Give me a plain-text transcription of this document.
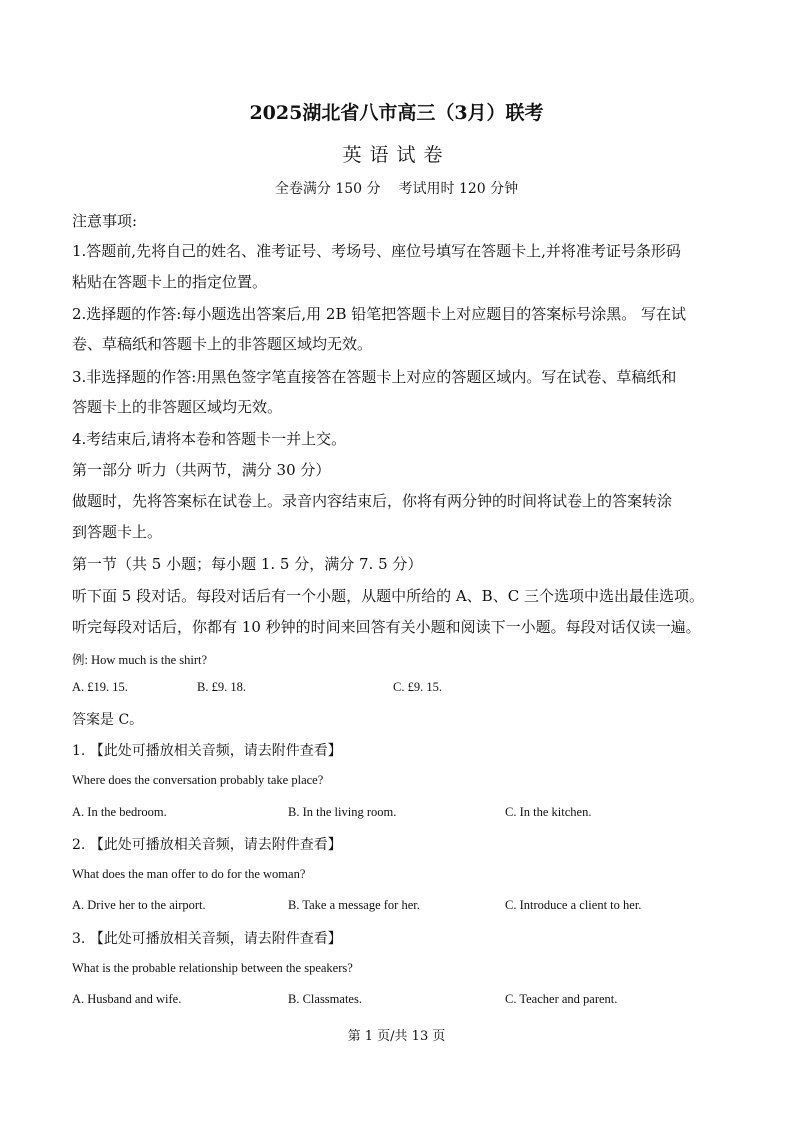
2025湖北省八市高三（3月）联考
英语试卷
全卷满分 150 分 考试用时 120 分钟
注意事项:
1.答题前,先将自己的姓名、准考证号、考场号、座位号填写在答题卡上,并将准考证号条形码
粘贴在答题卡上的指定位置。
2.选择题的作答:每小题选出答案后,用 2B 铅笔把答题卡上对应题目的答案标号涂黑。 写在试
卷、草稿纸和答题卡上的非答题区域均无效。
3.非选择题的作答:用黑色签字笔直接答在答题卡上对应的答题区域内。写在试卷、草稿纸和
答题卡上的非答题区域均无效。
4.考结束后,请将本卷和答题卡一并上交。
第一部分 听力（共两节，满分 30 分）
做题时，先将答案标在试卷上。录音内容结束后，你将有两分钟的时间将试卷上的答案转涂
到答题卡上。
第一节（共 5 小题；每小题 1. 5 分，满分 7. 5 分）
听下面 5 段对话。每段对话后有一个小题，从题中所给的 A、B、C 三个选项中选出最佳选项。
听完每段对话后，你都有 10 秒钟的时间来回答有关小题和阅读下一小题。每段对话仅读一遍。
例: How much is the shirt?
A. £19. 15.	B. £9. 18.	C. £9. 15.
答案是 C。
1. 【此处可播放相关音频，请去附件查看】
Where does the conversation probably take place?
A. In the bedroom.	B. In the living room.	C. In the kitchen.
2. 【此处可播放相关音频，请去附件查看】
What does the man offer to do for the woman?
A. Drive her to the airport.	B. Take a message for her.	C. Introduce a client to her.
3. 【此处可播放相关音频，请去附件查看】
What is the probable relationship between the speakers?
A. Husband and wife.	B. Classmates.	C. Teacher and parent.
第 1 页/共 13 页
